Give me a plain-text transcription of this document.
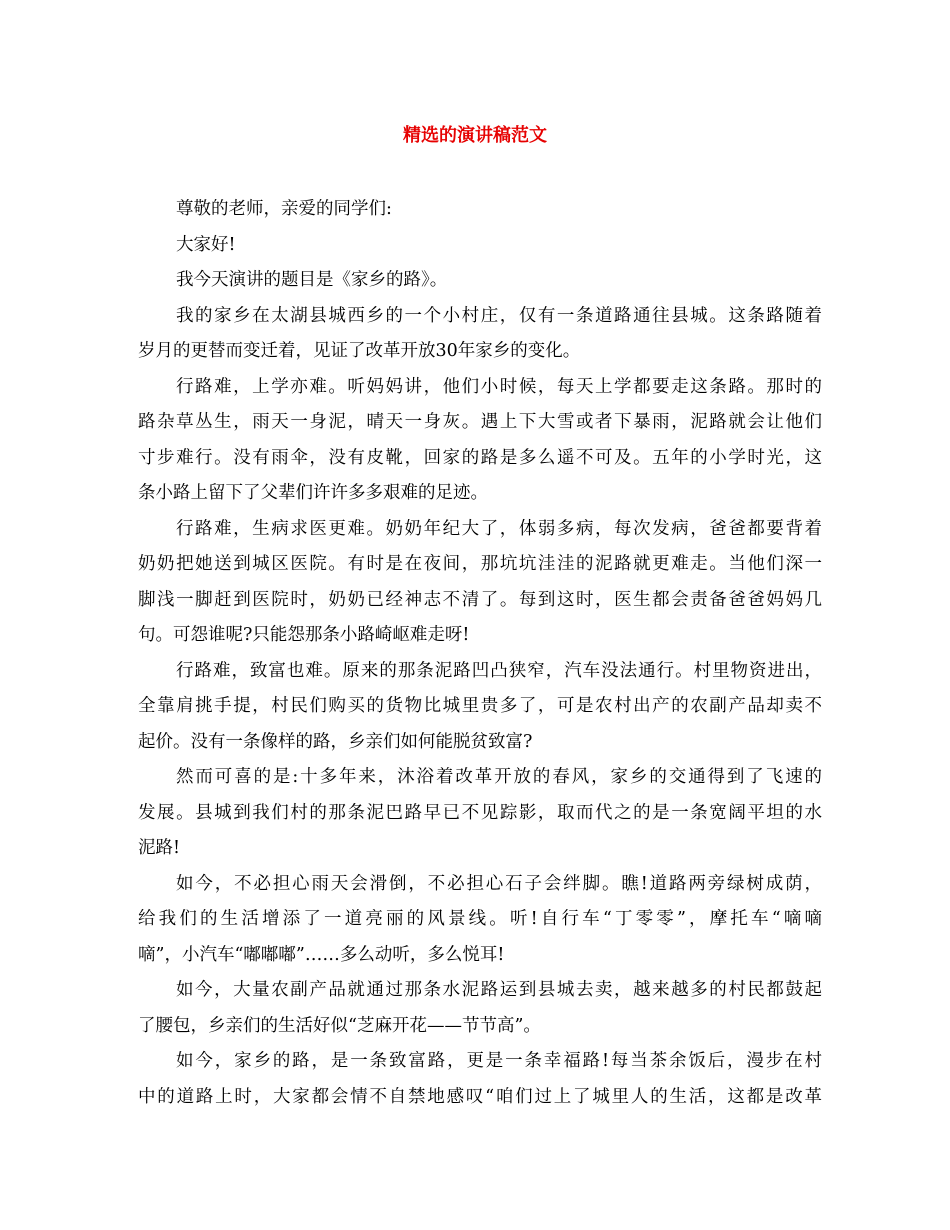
精选的演讲稿范文
尊敬的老师，亲爱的同学们:
大家好!
我今天演讲的题目是《家乡的路》。
我的家乡在太湖县城西乡的一个小村庄，仅有一条道路通往县城。这条路随着
岁月的更替而变迁着，见证了改革开放30年家乡的变化。
行路难，上学亦难。听妈妈讲，他们小时候，每天上学都要走这条路。那时的
路杂草丛生，雨天一身泥，晴天一身灰。遇上下大雪或者下暴雨，泥路就会让他们
寸步难行。没有雨伞，没有皮靴，回家的路是多么遥不可及。五年的小学时光，这
条小路上留下了父辈们许许多多艰难的足迹。
行路难，生病求医更难。奶奶年纪大了，体弱多病，每次发病，爸爸都要背着
奶奶把她送到城区医院。有时是在夜间，那坑坑洼洼的泥路就更难走。当他们深一
脚浅一脚赶到医院时，奶奶已经神志不清了。每到这时，医生都会责备爸爸妈妈几
句。可怨谁呢?只能怨那条小路崎岖难走呀!
行路难，致富也难。原来的那条泥路凹凸狭窄，汽车没法通行。村里物资进出，
全靠肩挑手提，村民们购买的货物比城里贵多了，可是农村出产的农副产品却卖不
起价。没有一条像样的路，乡亲们如何能脱贫致富?
然而可喜的是:十多年来，沐浴着改革开放的春风，家乡的交通得到了飞速的
发展。县城到我们村的那条泥巴路早已不见踪影，取而代之的是一条宽阔平坦的水
泥路!
如今，不必担心雨天会滑倒，不必担心石子会绊脚。瞧!道路两旁绿树成荫，
给我们的生活增添了一道亮丽的风景线。听!自行车“丁零零”，摩托车“嘀嘀
嘀”，小汽车“嘟嘟嘟”……多么动听，多么悦耳!
如今，大量农副产品就通过那条水泥路运到县城去卖，越来越多的村民都鼓起
了腰包，乡亲们的生活好似“芝麻开花——节节高”。
如今，家乡的路，是一条致富路，更是一条幸福路!每当茶余饭后，漫步在村
中的道路上时，大家都会情不自禁地感叹“咱们过上了城里人的生活，这都是改革
